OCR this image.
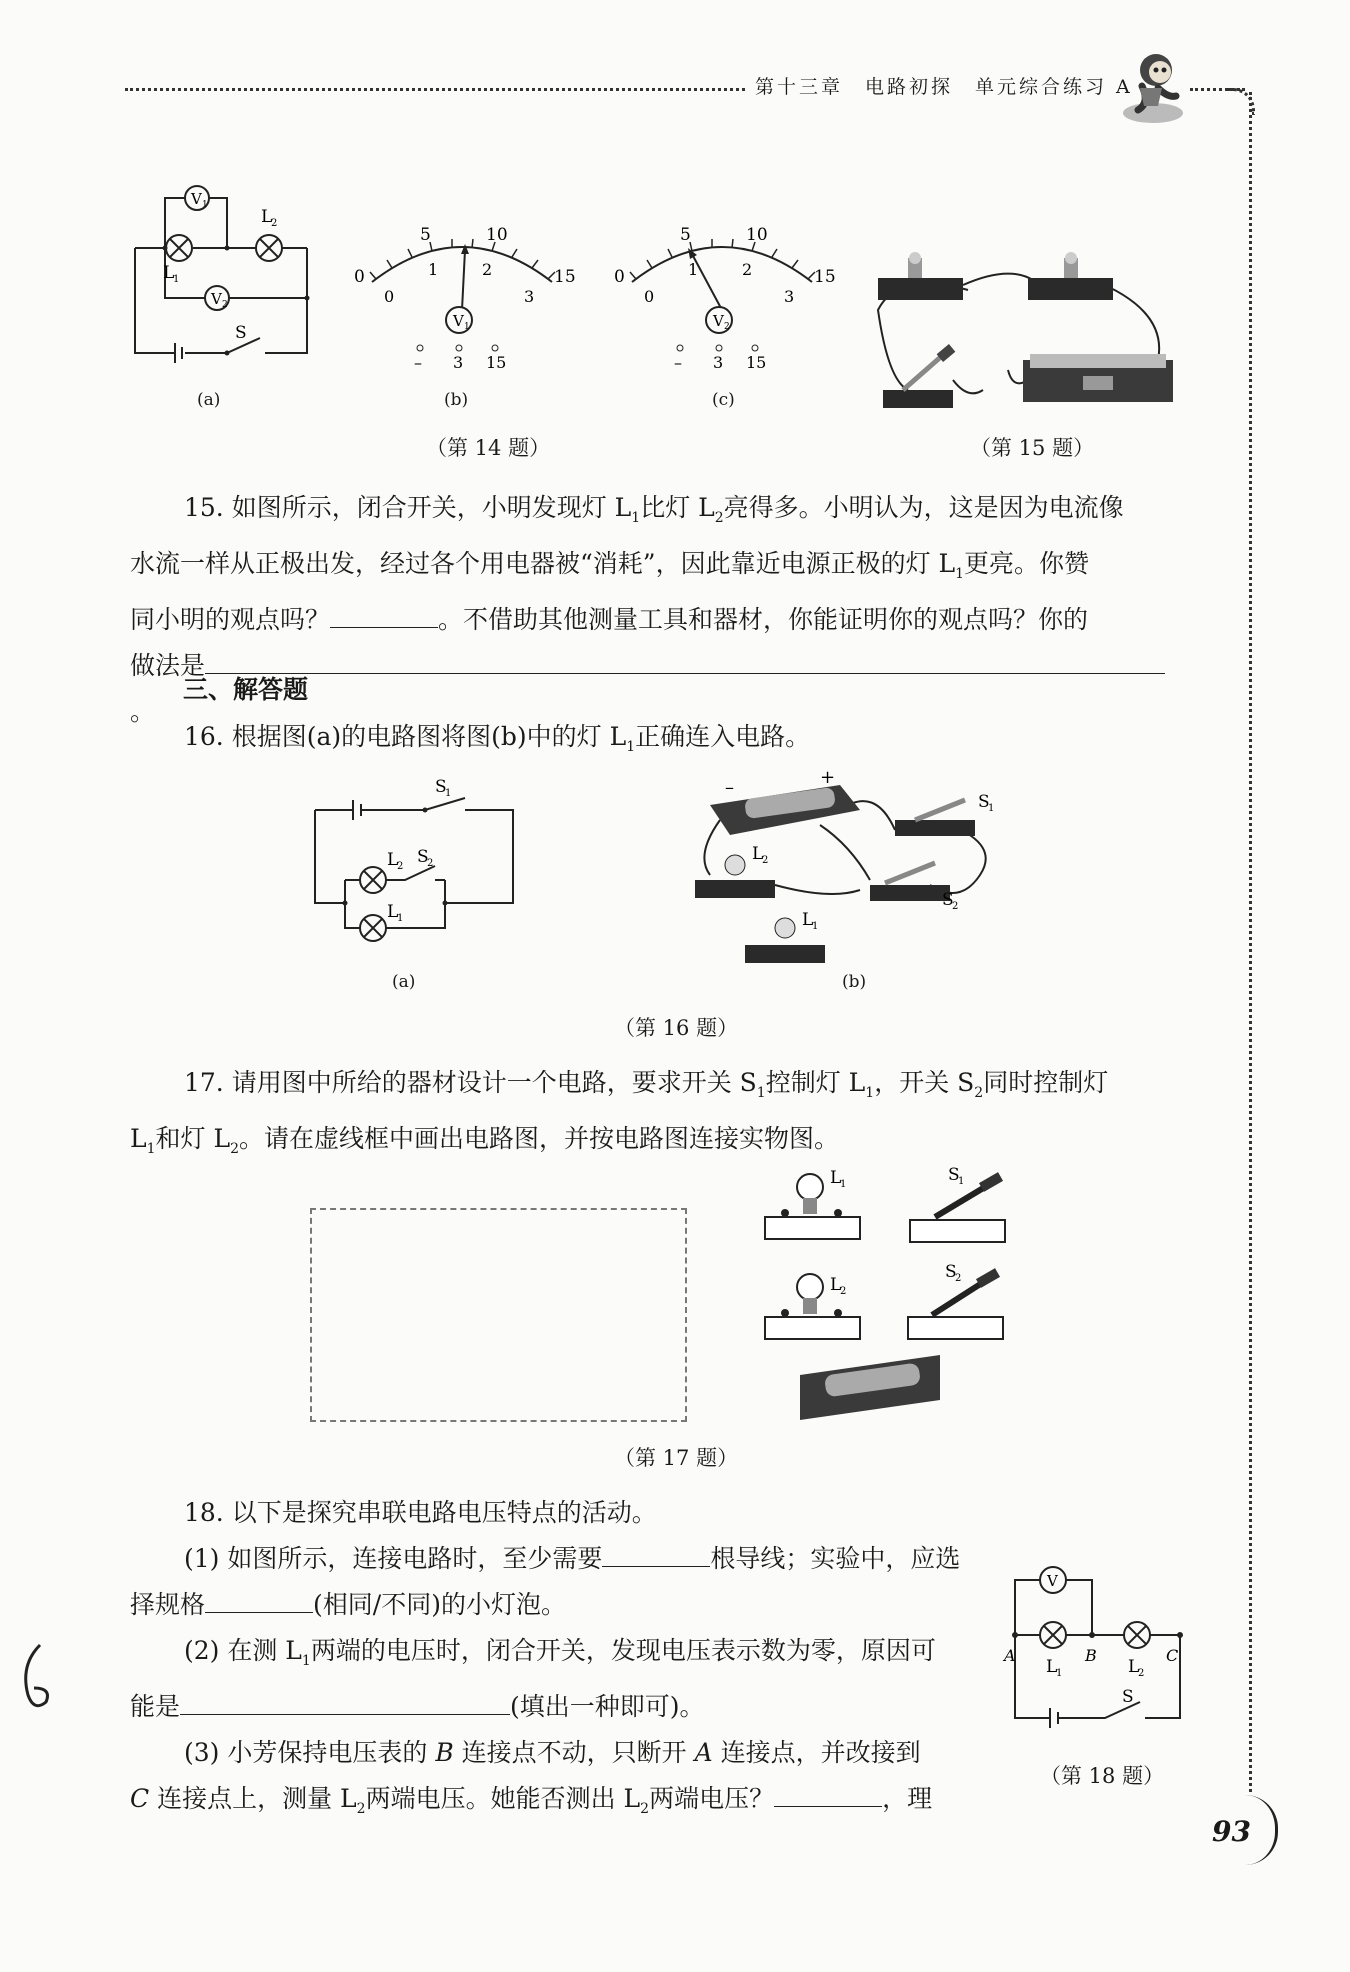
第十三章　电路初探　单元综合练习 A
V 1
V 2
L
1
L
2
S
(a)
0
5	10
15
0
1	2
3
V 1
– 3 15
(b)
0
5	10
15
0
1	2
3
V 2
– 3 15
(c)
（第 14 题）	（第 15 题）
15. 如图所示，闭合开关，小明发现灯 $L_1$比灯 $L_2$亮得多。小明认为，这是因为电流像
水流一样从正极出发，经过各个用电器被“消耗”，因此靠近电源正极的灯 $L_1$更亮。你赞
同小明的观点吗？	。不借助其他测量工具和器材，你能证明你的观点吗？你的
做法是。
三、解答题
16. 根据图(a)的电路图将图(b)中的灯 $L_1$正确连入电路。
S
1
S
2
L
2
L
1
(a)
–	+
S
1
L
2
S
2
L
1
(b)
（第 16 题）
17. 请用图中所给的器材设计一个电路，要求开关 $S_1$控制灯 $L_1$，开关 $S_2$同时控制灯
$L_1$和灯 $L_2$。请在虚线框中画出电路图，并按电路图连接实物图。
L
1	S
1
L
2
S
2
（第 17 题）
18. 以下是探究串联电路电压特点的活动。
(1) 如图所示，连接电路时，至少需要	根导线；实验中，应选
择规格	(相同/不同)的小灯泡。
(2) 在测 $L_1$两端的电压时，闭合开关，发现电压表示数为零，原因可
能是	(填出一种即可)。
(3) 小芳保持电压表的 B 连接点不动，只断开 A 连接点，并改接到
C 连接点上，测量 $L_2$两端电压。她能否测出 $L_2$两端电压？	，理
V
A	B	C
L
1	L
2
S
（第 18 题）
93
